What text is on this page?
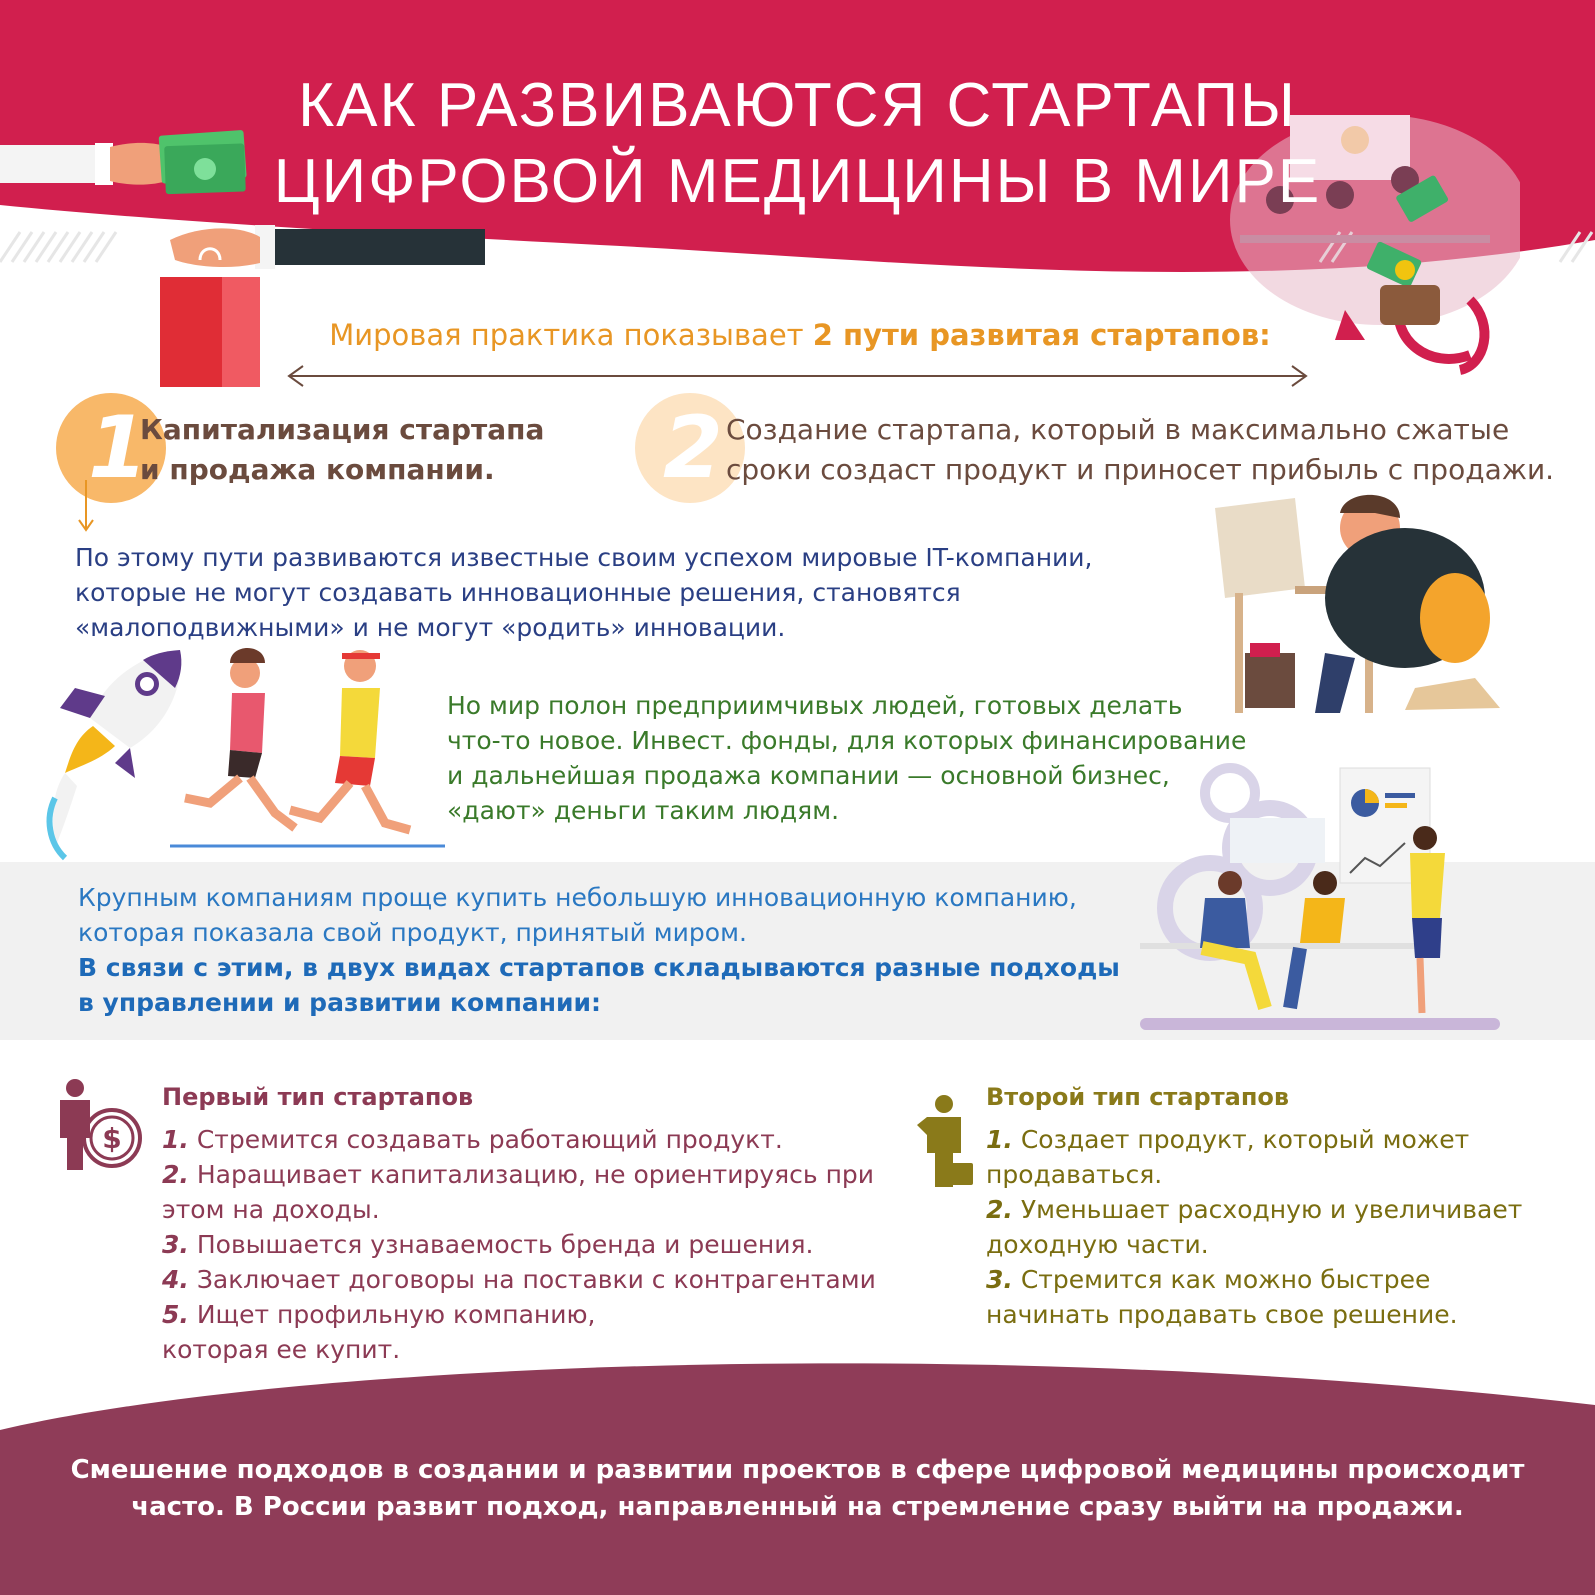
КАК РАЗВИВАЮТСЯ СТАРТАПЫ
ЦИФРОВОЙ МЕДИЦИНЫ В МИРЕ
Мировая практика показывает 2 пути развитая стартапов:
1	2
Капитализация стартапа
и продажа компании.
Создание стартапа, который в максимально сжатые
сроки создаст продукт и приносет прибыль с продажи.
По этому пути развиваются известные своим успехом мировые IT-компании,
которые не могут создавать инновационные решения, становятся
«малоподвижными» и не могут «родить» инновации.
Но мир полон предприимчивых людей, готовых делать
что-то новое. Инвест. фонды, для которых финансирование
и дальнейшая продажа компании — основной бизнес,
«дают» деньги таким людям.
Крупным компаниям проще купить небольшую инновационную компанию,
которая показала свой продукт, принятый миром.
В связи с этим, в двух видах стартапов складываются разные подходы
в управлении и развитии компании:
$
Первый тип стартапов
1. Стремится создавать работающий продукт.
2. Наращивает капитализацию, не ориентируясь при
этом на доходы.
3. Повышается узнаваемость бренда и решения.
4. Заключает договоры на поставки с контрагентами
5. Ищет профильную компанию,
которая ее купит.
Второй тип стартапов
1. Создает продукт, который может
продаваться.
2. Уменьшает расходную и увеличивает
доходную части.
3. Стремится как можно быстрее
начинать продавать свое решение.
Смешение подходов в создании и развитии проектов в сфере цифровой медицины происходит
часто. В России развит подход, направленный на стремление сразу выйти на продажи.
